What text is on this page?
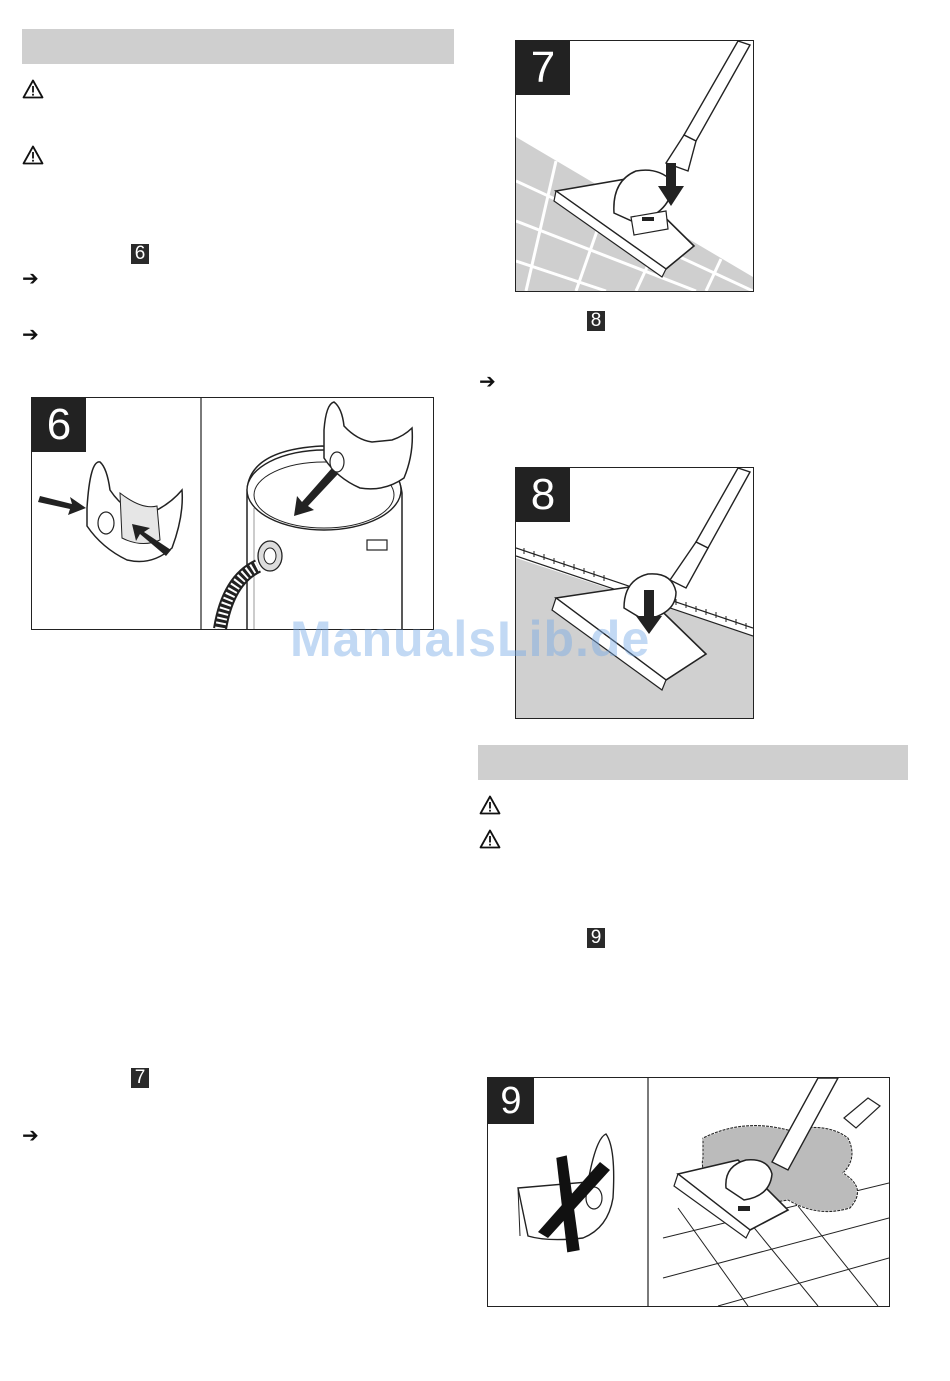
6
➔
➔
6
7
➔
7
8
➔
8
9
9
ManualsLib.de
